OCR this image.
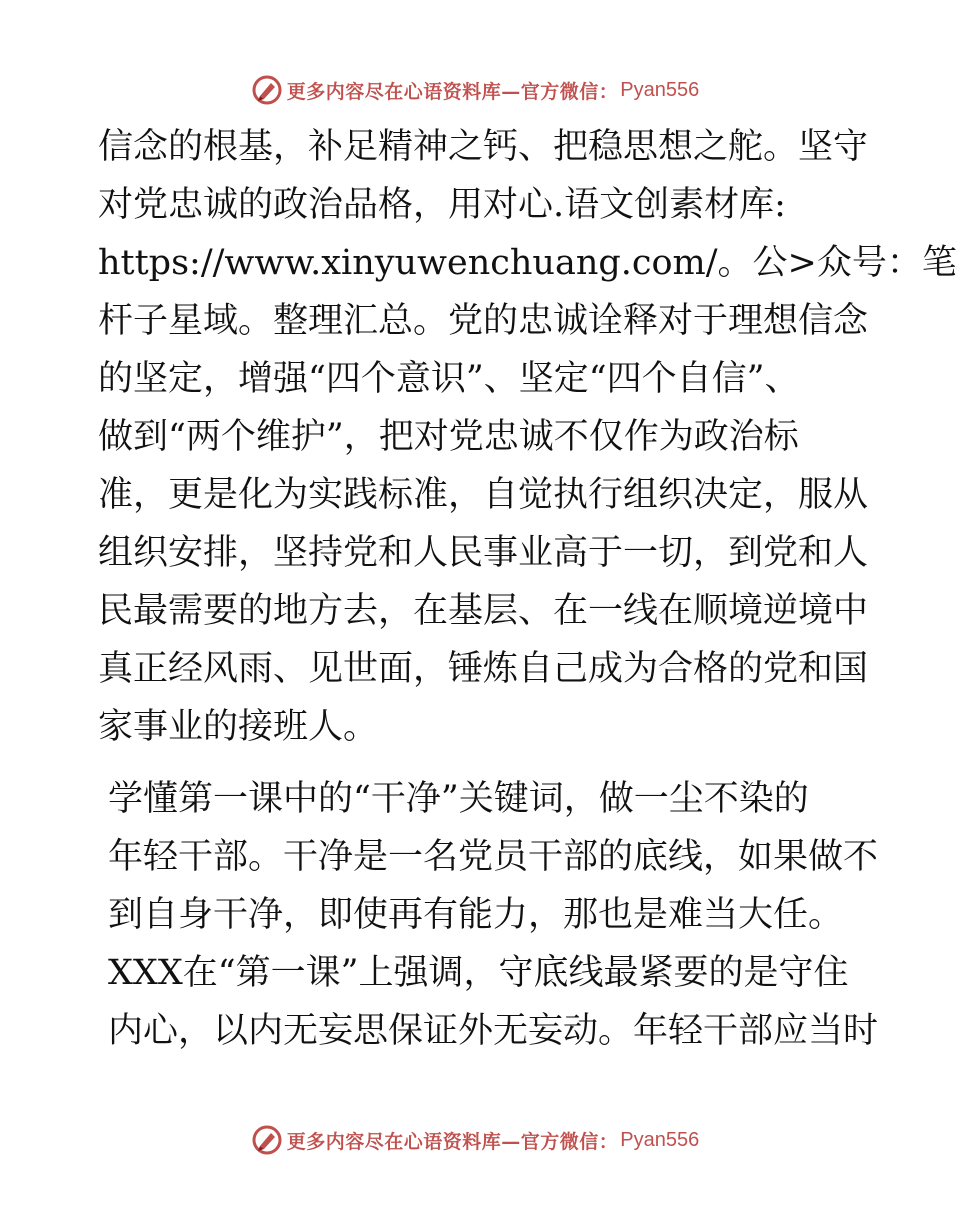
更多内容尽在心语资料库—官方微信： Pyan556

信念的根基，补足精神之钙、把稳思想之舵。坚守
对党忠诚的政治品格，用对心.语文创素材库:
https://www.xinyuwenchuang.com/。公>众号：笔
杆子星域。整理汇总。党的忠诚诠释对于理想信念
的坚定，增强“四个意识”、坚定“四个自信”、
做到“两个维护”，把对党忠诚不仅作为政治标
准，更是化为实践标准，自觉执行组织决定，服从
组织安排，坚持党和人民事业高于一切，到党和人
民最需要的地方去，在基层、在一线在顺境逆境中
真正经风雨、见世面，锤炼自己成为合格的党和国
家事业的接班人。

学懂第一课中的“干净”关键词，做一尘不染的
年轻干部。干净是一名党员干部的底线，如果做不
到自身干净，即使再有能力，那也是难当大任。
XXX在“第一课”上强调，守底线最紧要的是守住
内心，以内无妄思保证外无妄动。年轻干部应当时

更多内容尽在心语资料库—官方微信： Pyan556
